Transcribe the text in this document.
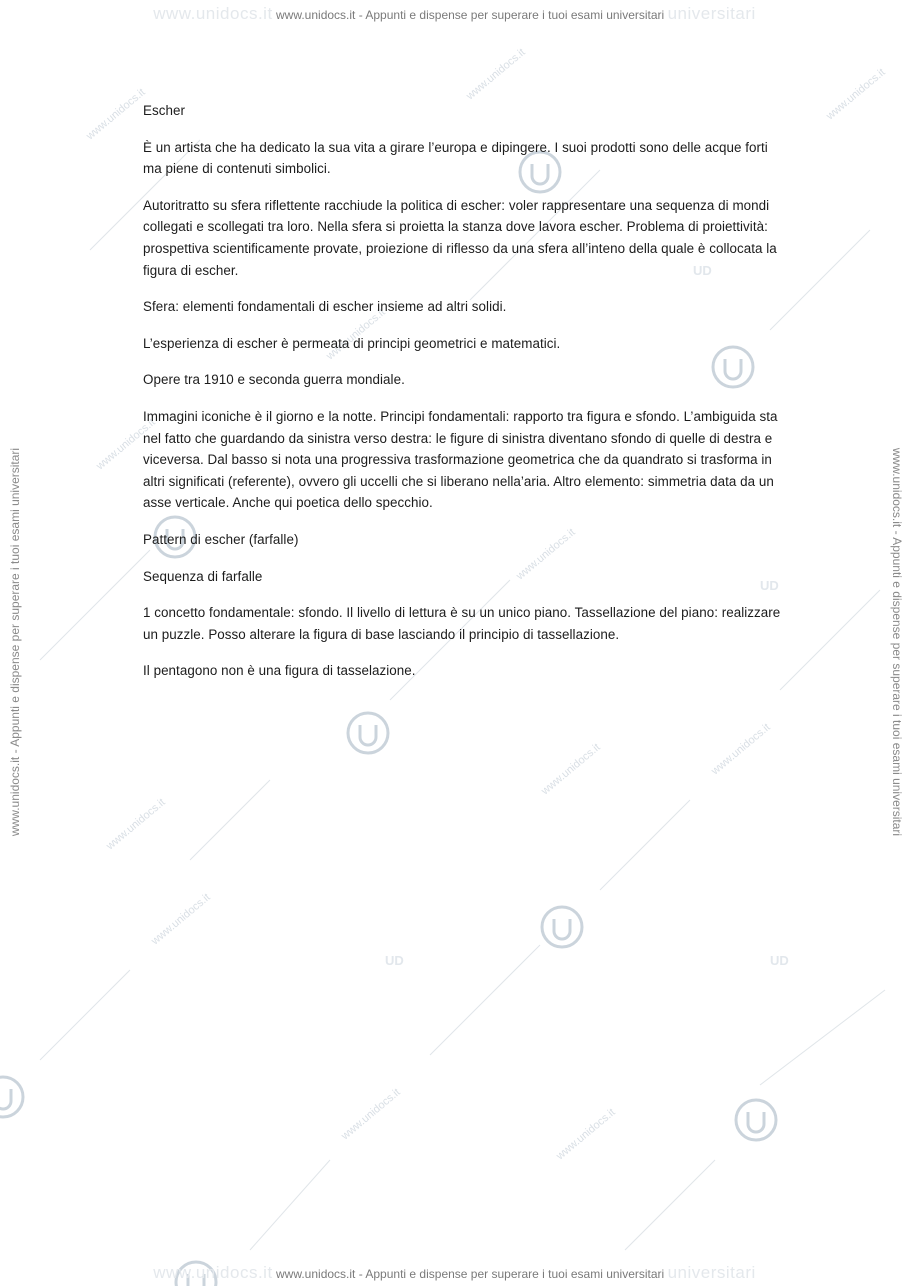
www.unidocs.it
www.unidocs.it	www.unidocs.it
www.unidocs.it
www.unidocs.it
www.unidocs.it
www.unidocs.it
www.unidocs.it
www.unidocs.it
www.unidocs.it
www.unidocs.it
www.unidocs.it
UD
UD
UD	UD
www.unidocs.it www.unidocs.it - Appunti e dispense per superare i tuoi esami universitari universitari
www.unidocs.it - Appunti e dispense per superare i tuoi esami universitari	www.unidocs.it - Appunti e dispense per superare i tuoi esami universitari

Escher

È un artista che ha dedicato la sua vita a girare l’europa e dipingere. I suoi prodotti sono delle acque forti ma piene di contenuti simbolici.

Autoritratto su sfera riflettente racchiude la politica di escher: voler rappresentare una sequenza di mondi collegati e scollegati tra loro. Nella sfera si proietta la stanza dove lavora escher. Problema di proiettività: prospettiva scientificamente provate, proiezione di riflesso da una sfera all’inteno della quale è collocata la figura di escher.

Sfera: elementi fondamentali di escher insieme ad altri solidi.

L’esperienza di escher è permeata di principi geometrici e matematici.

Opere tra 1910 e seconda guerra mondiale.

Immagini iconiche è il giorno e la notte. Principi fondamentali: rapporto tra figura e sfondo. L’ambiguida sta nel fatto che guardando da sinistra verso destra: le figure di sinistra diventano sfondo di quelle di destra e viceversa. Dal basso si nota una progressiva trasformazione geometrica che da quandrato si trasforma in altri significati (referente), ovvero gli uccelli che si liberano nella’aria. Altro elemento: simmetria data da un asse verticale. Anche qui poetica dello specchio.

Pattern di escher (farfalle)

Sequenza di farfalle

1 concetto fondamentale: sfondo. Il livello di lettura è su un unico piano. Tassellazione del piano: realizzare un puzzle. Posso alterare la figura di base lasciando il principio di tassellazione.

Il pentagono non è una figura di tasselazione.

www.unidocs.it www.unidocs.it - Appunti e dispense per superare i tuoi esami universitari universitari
